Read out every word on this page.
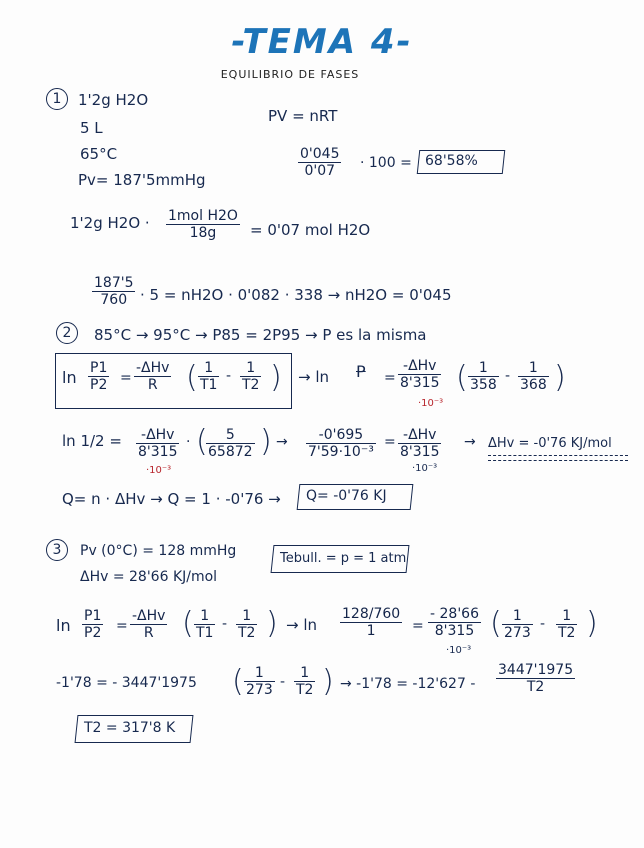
-TEMA 4-
EQUILIBRIO DE FASES
1	1'2g H2O
5 L
65°C
Pv= 187'5mmHg
PV = nRT
$\frac{0'045}{0'07} \cdot 100 = 68'58\%$
1'2g H2O · 1mol H2O
18g	= 0'07 mol H2O
$\frac{187'5}{760} \cdot 5 = nH2O \cdot 0'082 \cdot 338 \to nH2O = 0'045$
2	85°C → 95°C → P85 = 2P95 → P es la misma
$\ln \frac{P1}{P2}$ =
-ΔHv
R ( $\frac{1}{T1} - \frac{1}{T2}$ ) → ln P =
-ΔHv
8'315
·10⁻³
( $\frac{1}{358} - \frac{1}{368}$ )
ln 1/2 =	-ΔHv
8'315
·10⁻³
· (
$\frac{5}{65872}$ ) → $\frac{-0'695}{\text{7'59·10⁻³}} = -\Delta Hv$
8'315
·10⁻³
→ ΔHv = -0'76 KJ/mol
Q= n · ΔHv → Q = 1 · -0'76 → Q= -0'76 KJ
3	Pv (0°C) = 128 mmHg
ΔHv = 28'66 KJ/mol
Tebull. = p = 1 atm
$\ln \frac{P1}{P2}$ =
-ΔHv
R ( $\frac{1}{T1} - \frac{1}{T2}$ ) → $\ln \frac{128/760}{1} = \frac{- 28'66}{8'315}$
·10⁻³
( $\frac{1}{273} - \frac{1}{T2}$ )
-1'78 = - 3447'1975 ( $\frac{1}{273} - \frac{1}{T2}$ ) → $-1'78 = -12'627 - \frac{3447'1975}{T2}$
T2 = 317'8 K
